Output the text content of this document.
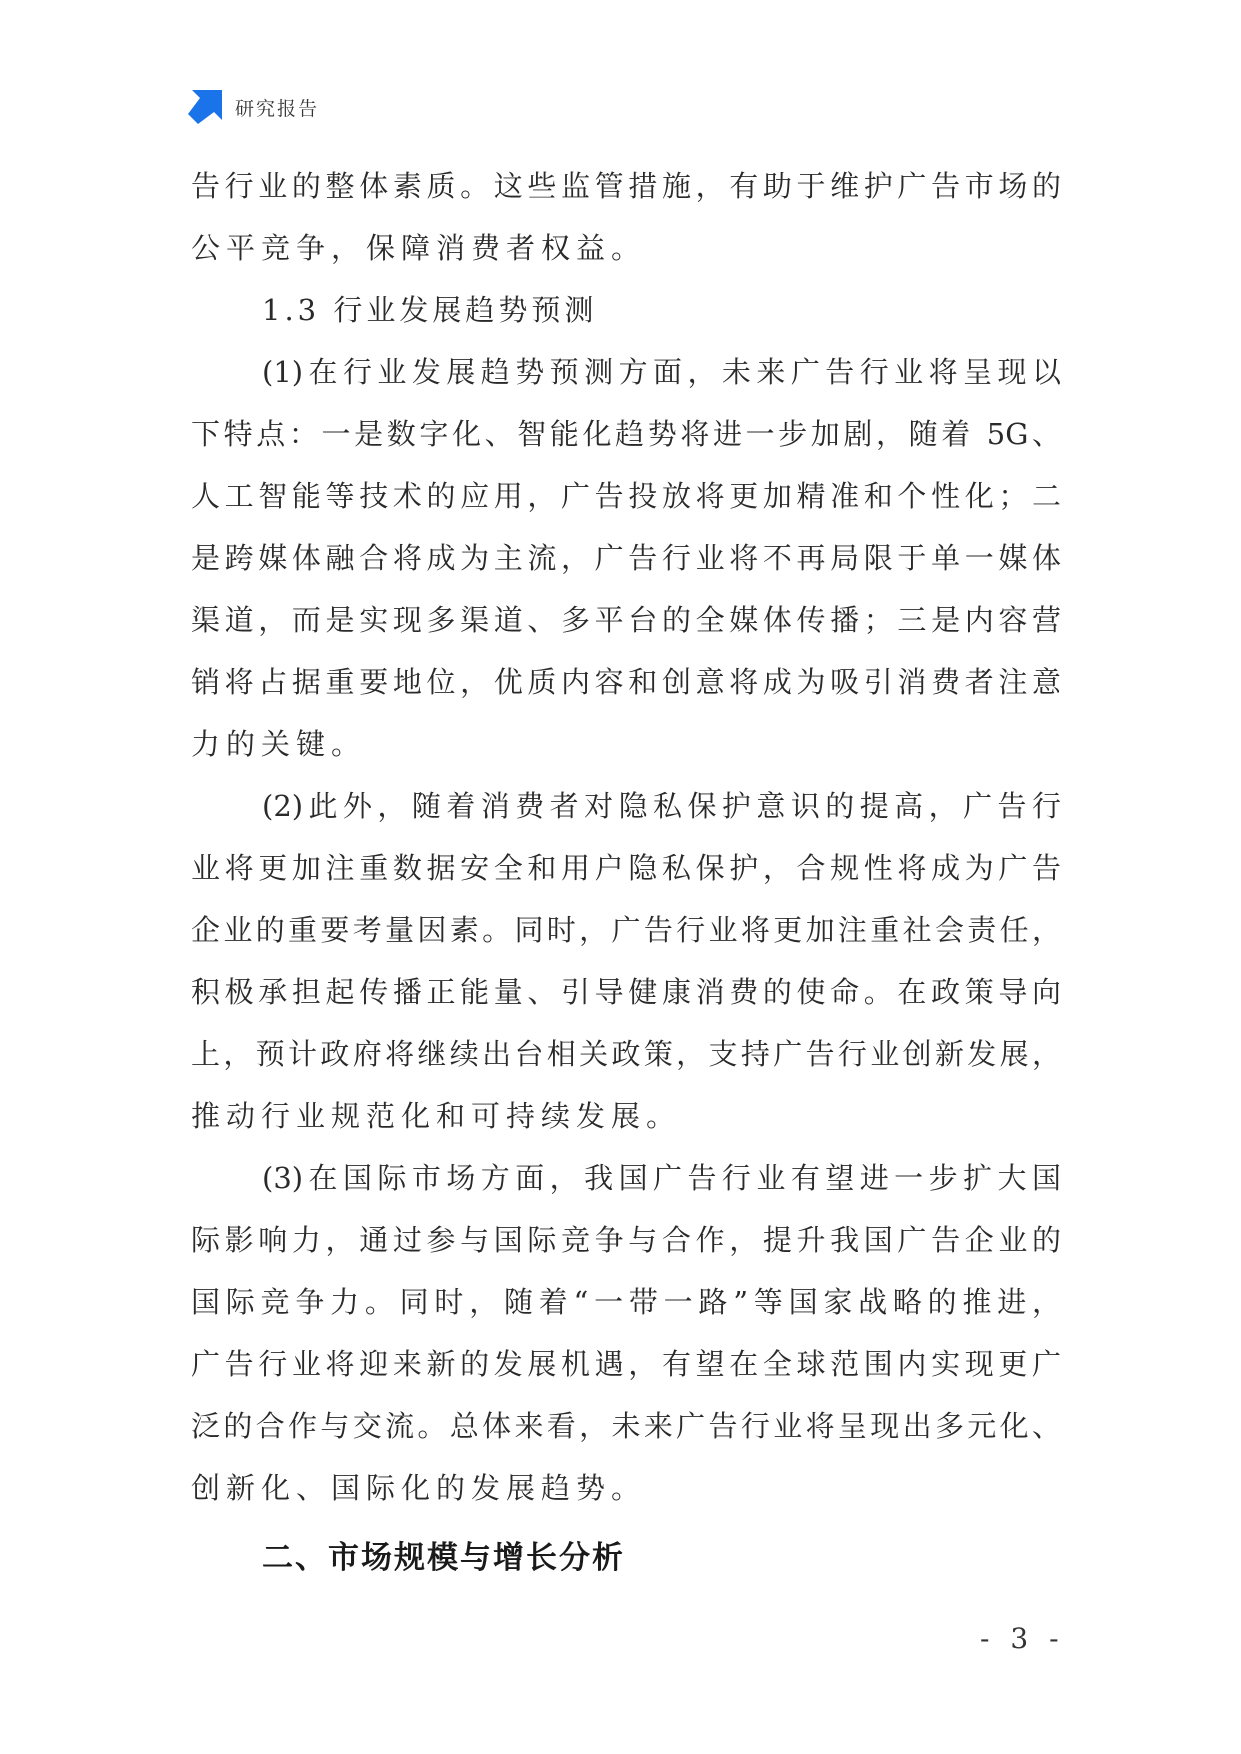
研究报告
告行业的整体素质。这些监管措施，有助于维护广告市场的
公平竞争，保障消费者权益。
1.3 行业发展趋势预测
(1)在行业发展趋势预测方面，未来广告行业将呈现以
下特点：一是数字化、智能化趋势将进一步加剧，随着 5G、
人工智能等技术的应用，广告投放将更加精准和个性化；二
是跨媒体融合将成为主流，广告行业将不再局限于单一媒体
渠道，而是实现多渠道、多平台的全媒体传播；三是内容营
销将占据重要地位，优质内容和创意将成为吸引消费者注意
力的关键。
(2)此外，随着消费者对隐私保护意识的提高，广告行
业将更加注重数据安全和用户隐私保护，合规性将成为广告
企业的重要考量因素。同时，广告行业将更加注重社会责任，
积极承担起传播正能量、引导健康消费的使命。在政策导向
上，预计政府将继续出台相关政策，支持广告行业创新发展，
推动行业规范化和可持续发展。
(3)在国际市场方面，我国广告行业有望进一步扩大国
际影响力，通过参与国际竞争与合作，提升我国广告企业的
国际竞争力。同时，随着“一带一路”等国家战略的推进，
广告行业将迎来新的发展机遇，有望在全球范围内实现更广
泛的合作与交流。总体来看，未来广告行业将呈现出多元化、
创新化、国际化的发展趋势。
二、市场规模与增长分析
- 3 -
